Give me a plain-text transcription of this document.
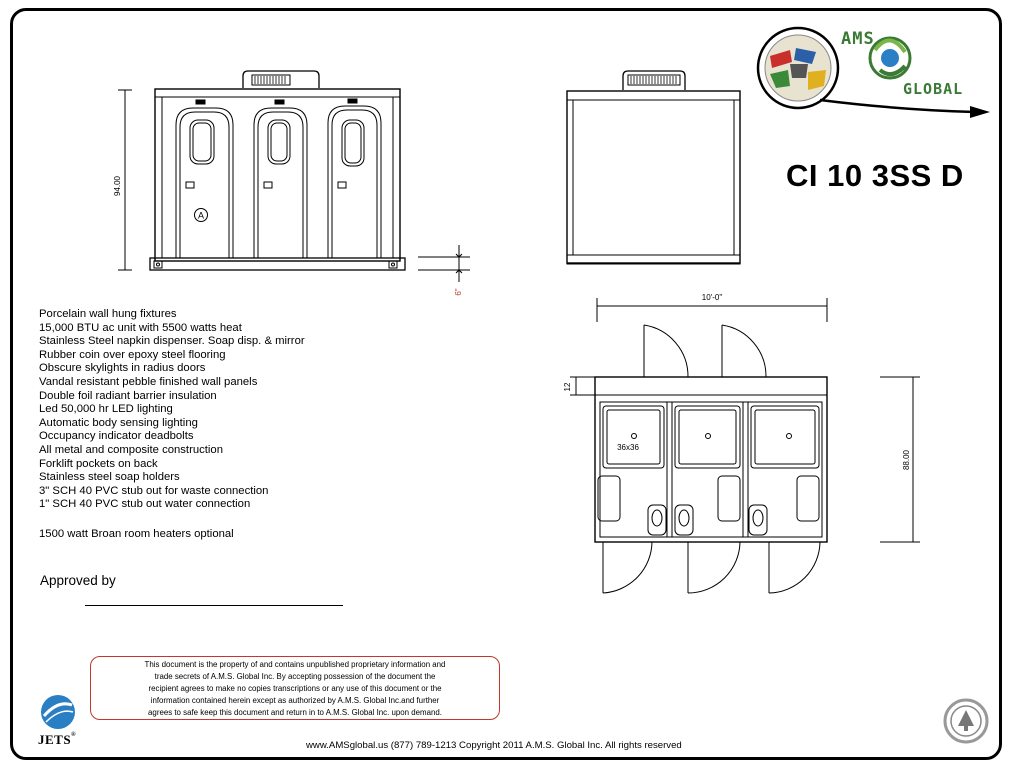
94.00
6"
A
10'-0"
12
88.00
36x36
AMS
GLOBAL
CI 10 3SS D
Porcelain wall hung fixtures
15,000 BTU ac unit with 5500 watts heat
Stainless Steel napkin dispenser. Soap disp. & mirror
Rubber coin over epoxy steel flooring
Obscure skylights in radius doors
Vandal resistant pebble finished wall panels
Double foil radiant barrier insulation
Led 50,000 hr LED lighting
Automatic body sensing lighting
Occupancy indicator deadbolts
All metal and composite construction
Forklift pockets on back
Stainless steel soap holders
3" SCH 40 PVC stub out for waste connection
1" SCH 40 PVC stub out water connection
1500 watt Broan room heaters optional
Approved by
This document is the property of and contains unpublished proprietary information and
trade secrets of A.M.S. Global Inc. By accepting possession of the document the
recipient agrees to make no copies transcriptions or any use of this document or the
information contained herein except as authorized by A.M.S. Global Inc.and further
agrees to safe keep this document and return in to A.M.S. Global Inc. upon demand.
JETS®
www.AMSglobal.us (877) 789-1213 Copyright 2011 A.M.S. Global Inc. All rights reserved
